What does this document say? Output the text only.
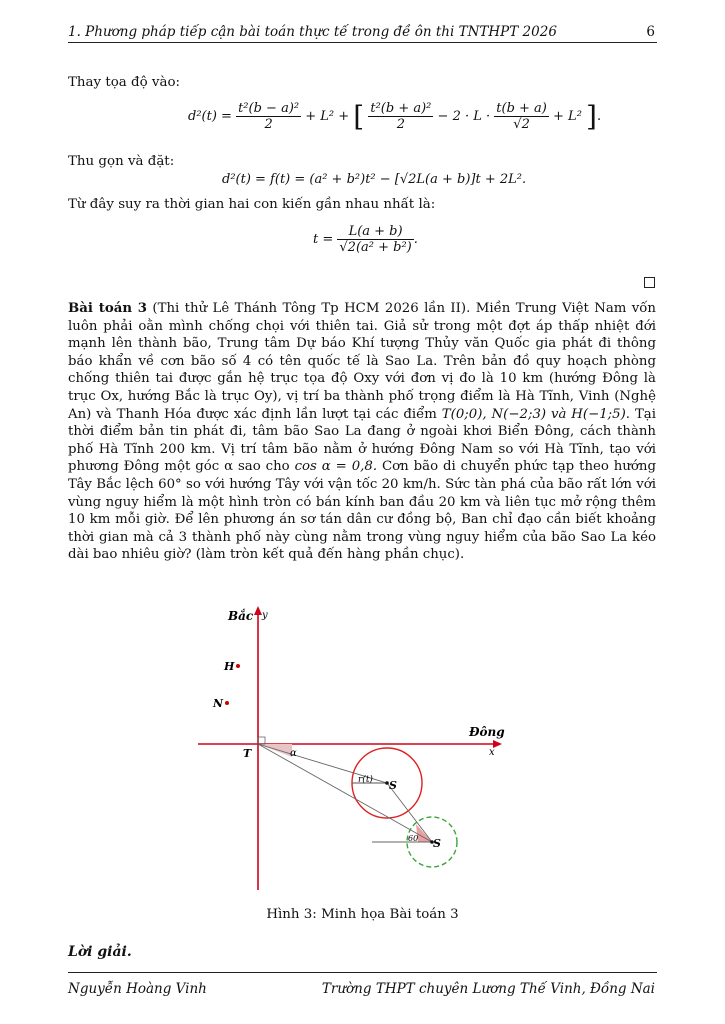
1. Phương pháp tiếp cận bài toán thực tế trong đề ôn thi TNTHPT 2026	6
Thay tọa độ vào:
$d^2(t) = \frac{\text{t²(b − a)²}}{2} + L^2$ + [ $\frac{\text{t²(b + a)²}}{2} - 2 \cdot L \cdot \frac{t(b + a)}{√2} + L^2$ ].
Thu gọn và đặt:
d²(t) = f(t) = (a² + b²)t² − [√2L(a + b)]t + 2L².
Từ đây suy ra thời gian hai con kiến gần nhau nhất là:
$t = \frac{L(a + b)}{\text{√2(a² + b²)}}$ .
Bài toán 3 (Thi thử Lê Thánh Tông Tp HCM 2026 lần II). Miền Trung Việt Nam vốn luôn phải oằn mình chống chọi với thiên tai. Giả sử trong một đợt áp thấp nhiệt đới mạnh lên thành bão, Trung tâm Dự báo Khí tượng Thủy văn Quốc gia phát đi thông báo khẩn về cơn bão số 4 có tên quốc tế là Sao La. Trên bản đồ quy hoạch phòng chống thiên tai được gắn hệ trục tọa độ Oxy với đơn vị đo là 10 km (hướng Đông là trục Ox, hướng Bắc là trục Oy), vị trí ba thành phố trọng điểm là Hà Tĩnh, Vinh (Nghệ An) và Thanh Hóa được xác định lần lượt tại các điểm T(0;0), N(−2;3) và H(−1;5). Tại thời điểm bản tin phát đi, tâm bão Sao La đang ở ngoài khơi Biển Đông, cách thành phố Hà Tĩnh 200 km. Vị trí tâm bão nằm ở hướng Đông Nam so với Hà Tĩnh, tạo với phương Đông một góc α sao cho cos α = 0,8. Cơn bão di chuyển phức tạp theo hướng Tây Bắc lệch 60° so với hướng Tây với vận tốc 20 km/h. Sức tàn phá của bão rất lớn với vùng nguy hiểm là một hình tròn có bán kính ban đầu 20 km và liên tục mở rộng thêm 10 km mỗi giờ. Để lên phương án sơ tán dân cư đồng bộ, Ban chỉ đạo cần biết khoảng thời gian mà cả 3 thành phố này cùng nằm trong vùng nguy hiểm của bão Sao La kéo dài bao nhiêu giờ? (làm tròn kết quả đến hàng phần chục).
Bắc y
Đông
x
H
N
T	α
r(t) S
S
60
Hình 3: Minh họa Bài toán 3
Lời giải.
Nguyễn Hoàng Vinh	Trường THPT chuyên Lương Thế Vinh, Đồng Nai
